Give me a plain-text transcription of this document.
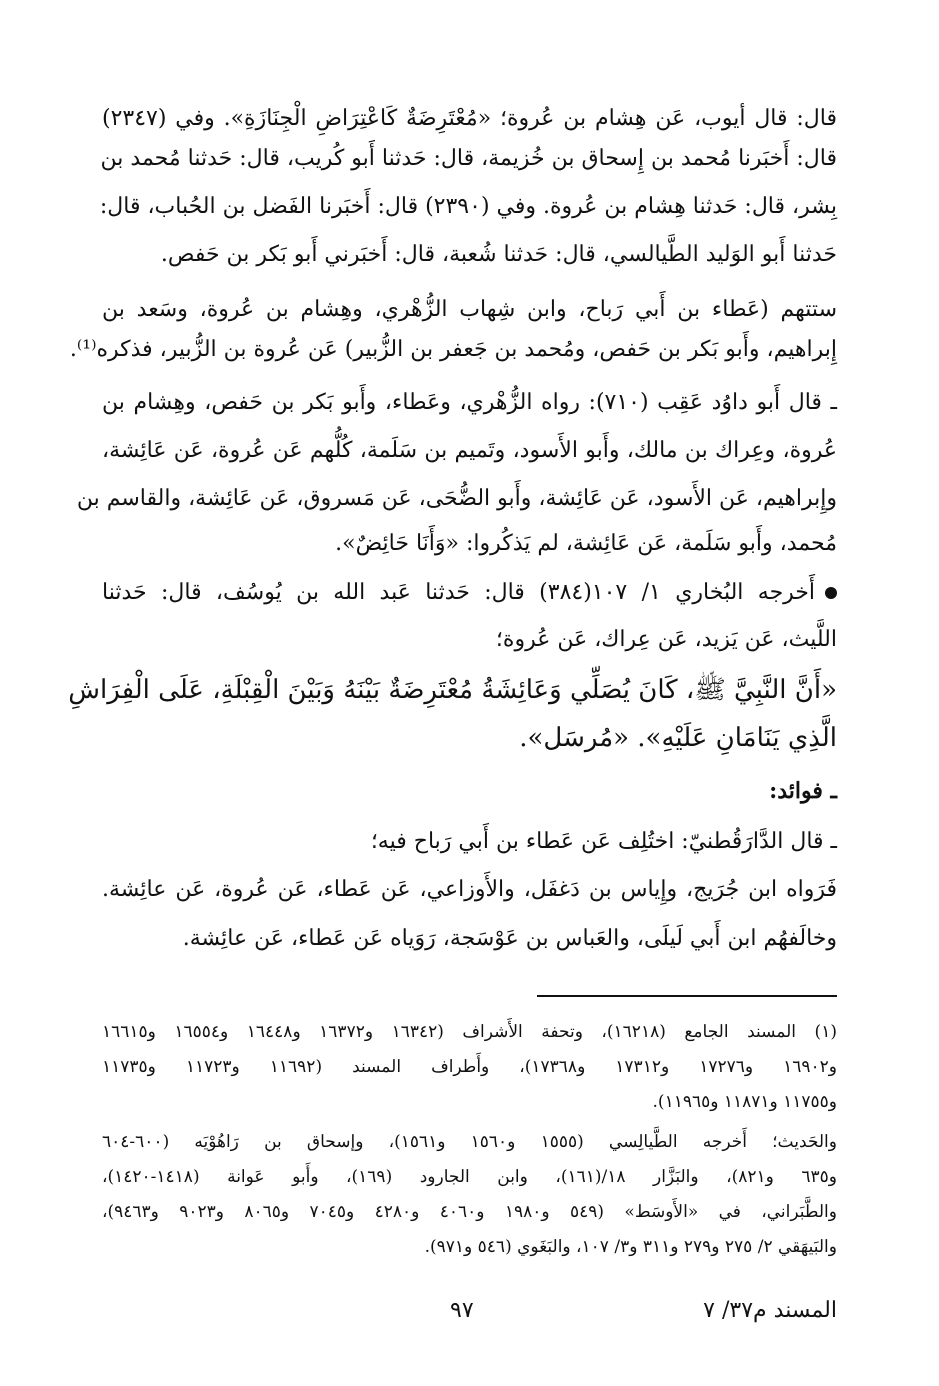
قال: قال أيوب، عَن هِشام بن عُروة؛ «مُعْتَرِضَةٌ كَاعْتِرَاضِ الْجِنَازَةِ». وفي (٢٣٤٧)
قال: أَخبَرنا مُحمد بن إِسحاق بن خُزيمة، قال: حَدثنا أَبو كُريب، قال: حَدثنا مُحمد بن
بِشر، قال: حَدثنا هِشام بن عُروة. وفي (٢٣٩٠) قال: أَخبَرنا الفَضل بن الحُباب، قال:
حَدثنا أَبو الوَليد الطَّيالسي، قال: حَدثنا شُعبة، قال: أَخبَرني أَبو بَكر بن حَفص.
ستتهم (عَطاء بن أَبي رَباح، وابن شِهاب الزُّهْري، وهِشام بن عُروة، وسَعد بن
إِبراهيم، وأَبو بَكر بن حَفص، ومُحمد بن جَعفر بن الزُّبير) عَن عُروة بن الزُّبير، فذكره⁽¹⁾.
ـ قال أَبو داوُد عَقِب (٧١٠): رواه الزُّهْري، وعَطاء، وأَبو بَكر بن حَفص، وهِشام بن
عُروة، وعِراك بن مالك، وأَبو الأَسود، وتَميم بن سَلَمة، كُلُّهم عَن عُروة، عَن عَائِشة،
وإِبراهيم، عَن الأَسود، عَن عَائِشة، وأَبو الضُّحَى، عَن مَسروق، عَن عَائِشة، والقاسم بن
مُحمد، وأَبو سَلَمة، عَن عَائِشة، لم يَذكُروا: «وَأَنَا حَائِضٌ».
أَخرجه البُخاري ١/ ١٠٧(٣٨٤) قال: حَدثنا عَبد الله بن يُوسُف، قال: حَدثنا
اللَّيث، عَن يَزيد، عَن عِراك، عَن عُروة؛
«أَنَّ النَّبِيَّ ﷺ، كَانَ يُصَلِّي وَعَائِشَةُ مُعْتَرِضَةٌ بَيْنَهُ وَبَيْنَ الْقِبْلَةِ، عَلَى الْفِرَاشِ
الَّذِي يَنَامَانِ عَلَيْهِ». «مُرسَل».
ـ فوائد:
ـ قال الدَّارَقُطنيّ: اختُلِف عَن عَطاء بن أَبي رَباح فيه؛
فَرَواه ابن جُرَيج، وإِياس بن دَغفَل، والأَوزاعي، عَن عَطاء، عَن عُروة، عَن عائِشة.
وخالَفهُم ابن أَبي لَيلَى، والعَباس بن عَوْسَجة، رَوَياه عَن عَطاء، عَن عائِشة.
(١) المسند الجامع (١٦٢١٨)، وتحفة الأَشراف (١٦٣٤٢ و١٦٣٧٢ و١٦٤٤٨ و١٦٥٥٤ و١٦٦١٥
و١٦٩٠٢ و١٧٢٧٦ و١٧٣١٢ و١٧٣٦٨)، وأَطراف المسند (١١٦٩٢ و١١٧٢٣ و١١٧٣٥
و١١٧٥٥ و١١٨٧١ و١١٩٦٥).
والحَديث؛ أَخرجه الطَّيالِسي (١٥٥٥ و١٥٦٠ و١٥٦١)، وإسحاق بن رَاهُوْيَه (٦٠٠-٦٠٤
و٦٣٥ و٨٢١)، والبَزَّار ١٨/(١٦١)، وابن الجارود (١٦٩)، وأَبو عَوانة (١٤١٨-١٤٢٠)،
والطَّبَراني، في «الأَوسَط» (٥٤٩ و١٩٨٠ و٤٠٦٠ و٤٢٨٠ و٧٠٤٥ و٨٠٦٥ و٩٠٢٣ و٩٤٦٣)،
والبَيهَقي ٢/ ٢٧٥ و٢٧٩ و٣١١ و٣/ ١٠٧، والبَغَوي (٥٤٦ و٩٧١).
المسند م٣٧/ ٧
٩٧
